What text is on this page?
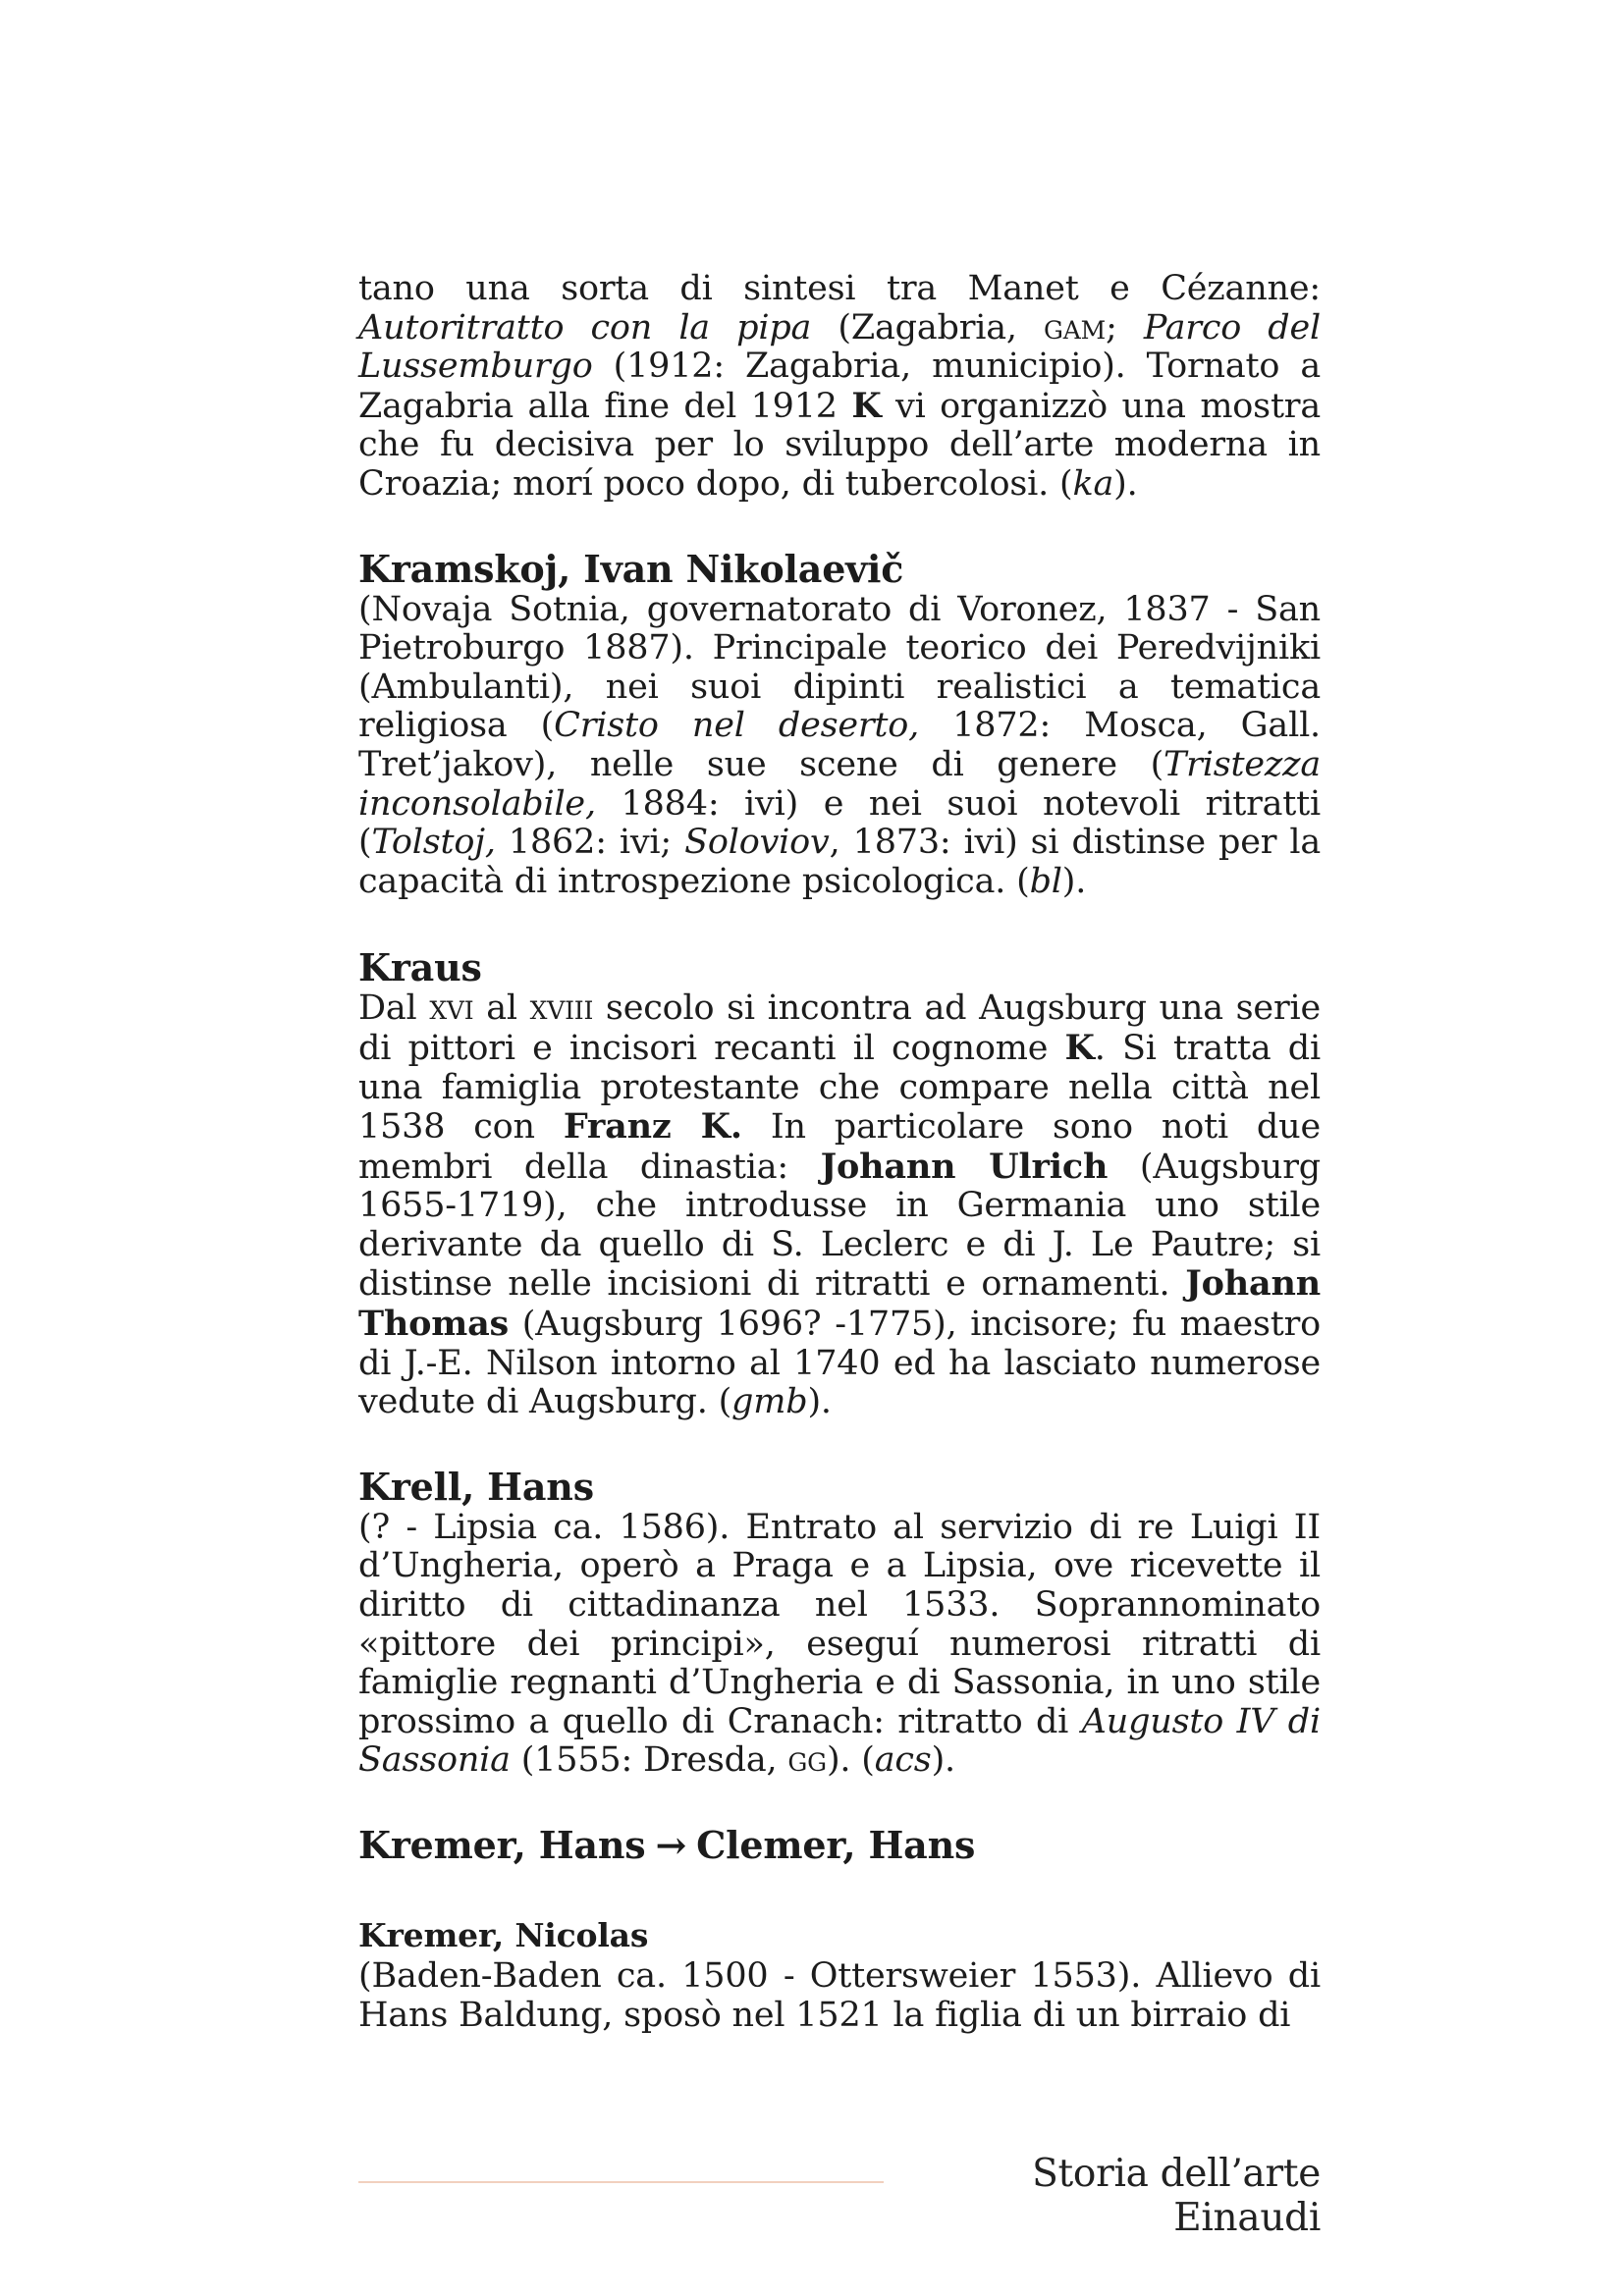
tano una sorta di sintesi tra Manet e Cézanne: Autoritratto con la pipa (Zagabria, gam; Parco del Lussemburgo (1912: Zagabria, municipio). Tornato a Zagabria alla fine del 1912 K vi organizzò una mostra che fu decisiva per lo sviluppo dell’arte moderna in Croazia; morí poco dopo, di tubercolosi. (ka).

Kramskoj, Ivan Nikolaevič

(Novaja Sotnia, governatorato di Voronez, 1837 - San Pietroburgo 1887). Principale teorico dei Peredvijniki (Ambulanti), nei suoi dipinti realistici a tematica religiosa (Cristo nel deserto, 1872: Mosca, Gall. Tret’jakov), nelle sue scene di genere (Tristezza inconsolabile, 1884: ivi) e nei suoi notevoli ritratti (Tolstoj, 1862: ivi; Soloviov, 1873: ivi) si distinse per la capacità di introspezione psicologica. (bl).

Kraus

Dal xvi al xviii secolo si incontra ad Augsburg una serie di pittori e incisori recanti il cognome K. Si tratta di una famiglia protestante che compare nella città nel 1538 con Franz K. In particolare sono noti due membri della dinastia: Johann Ulrich (Augsburg 1655-1719), che introdusse in Germania uno stile derivante da quello di S. Leclerc e di J. Le Pautre; si distinse nelle incisioni di ritratti e ornamenti. Johann Thomas (Augsburg 1696? -1775), incisore; fu maestro di J.-E. Nilson intorno al 1740 ed ha lasciato numerose vedute di Augsburg. (gmb).

Krell, Hans

(? - Lipsia ca. 1586). Entrato al servizio di re Luigi II d’Ungheria, operò a Praga e a Lipsia, ove ricevette il diritto di cittadinanza nel 1533. Soprannominato «pittore dei principi», eseguí numerosi ritratti di famiglie regnanti d’Ungheria e di Sassonia, in uno stile prossimo a quello di Cranach: ritratto di Augusto IV di Sassonia (1555: Dresda, gg). (acs).

Kremer, Hans → Clemer, Hans
Kremer, Nicolas

(Baden-Baden ca. 1500 - Ottersweier 1553). Allievo di Hans Baldung, sposò nel 1521 la figlia di un birraio di

Storia dell’arte Einaudi
